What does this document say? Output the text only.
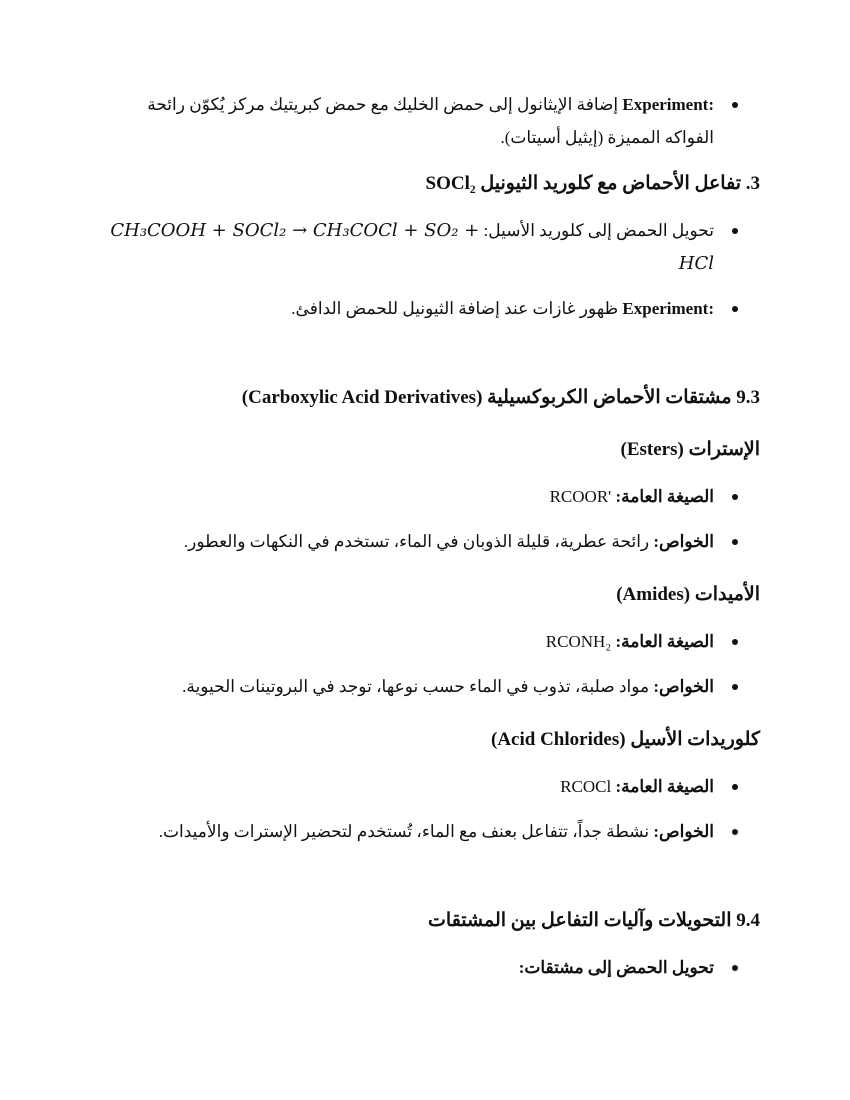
Experiment: إضافة الإيثانول إلى حمض الخليك مع حمض كبريتيك مركز يُكوّن رائحة الفواكه المميزة (إيثيل أسيتات).
3. تفاعل الأحماض مع كلوريد الثيونيل SOCl₂
تحويل الحمض إلى كلوريد الأسيل: CH₃COOH + SOCl₂ → CH₃COCl + SO₂ + HCl
Experiment: ظهور غازات عند إضافة الثيونيل للحمض الدافئ.
9.3 مشتقات الأحماض الكربوكسيلية (Carboxylic Acid Derivatives)
الإسترات (Esters)
الصيغة العامة: RCOOR'
الخواص: رائحة عطرية، قليلة الذوبان في الماء، تستخدم في النكهات والعطور.
الأميدات (Amides)
الصيغة العامة: RCONH₂
الخواص: مواد صلبة، تذوب في الماء حسب نوعها، توجد في البروتينات الحيوية.
كلوريدات الأسيل (Acid Chlorides)
الصيغة العامة: RCOCl
الخواص: نشطة جداً، تتفاعل بعنف مع الماء، تُستخدم لتحضير الإسترات والأميدات.
9.4 التحويلات وآليات التفاعل بين المشتقات
تحويل الحمض إلى مشتقات:
